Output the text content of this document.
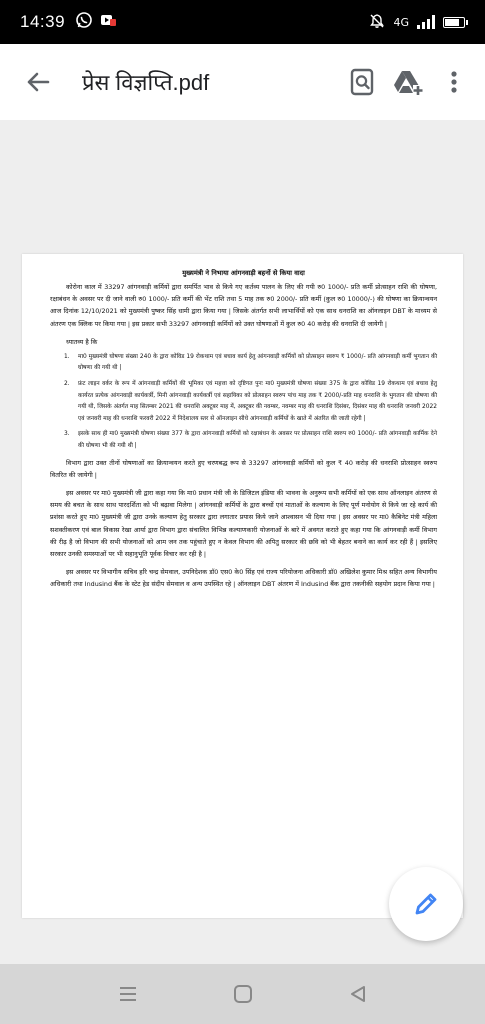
14:39	4G
प्रेस विज्ञप्ति.pdf
मुख्यमंत्री ने निभाया आंगनवाड़ी बहनों से किया वादा

कोरोना काल में 33297 आंगनवाड़ी कर्मियों द्वारा समर्पित भाव से किये गए कर्तव्य पालन के लिए की गयी रु0 1000/- प्रति कर्मी प्रोत्साहन राशि की घोषणा, रक्षाबंधन के अवसर पर दी जाने वाली रु0 1000/- प्रति कर्मी की भेंट राशि तथा 5 माह तक रु0 2000/- प्रति कर्मी (कुल रु0 10000/-) की घोषणा का क्रियान्वयन आज दिनांक 12/10/2021 को मुख्यमंत्री पुष्कर सिंह धामी द्वारा किया गया | जिसके अंतर्गत सभी लाभार्थियों को एक साथ धनराशि का ऑनलाइन DBT के माध्यम से अंतरण एक क्लिक पर किया गया | इस प्रकार सभी 33297 आंगनवाड़ी कर्मियों को उक्त घोषणाओं में कुल रु0 40 करोड़ की धनराशि दी जायेगी |

ध्यातव्य है कि
1. मा0 मुख्यमंत्री घोषणा संख्या 240 के द्वारा कोविड 19 रोकथाम एवं बचाव कार्य हेतु आंगनवाड़ी कर्मियों को प्रोत्साहन स्वरुप ₹ 1000/- प्रति आंगनवाड़ी कर्मी भुगतान की घोषणा की गयी थी |
2. फ्रंट लाइन वर्कर के रूप में आंगनवाड़ी कर्मियों की भूमिका एवं महत्ता को दृष्टिगत पुनः मा0 मुख्यमंत्री घोषणा संख्या 375 के द्वारा कोविड 19 रोकथाम एवं बचाव हेतु कार्यरत प्रत्येक आंगनवाड़ी कार्यकर्त्री, मिनी आंगनवाड़ी कार्यकर्त्री एवं सहायिका को प्रोत्साहन स्वरुप पांच माह तक ₹ 2000/-प्रति माह धनराशि के भुगतान की घोषणा की गयी थी, जिसके अंतर्गत माह सितम्बर 2021 की धनराशि अक्टूबर माह में, अक्टूबर की नवम्बर, नवम्बर माह की धनराशि दिसंबर, दिसंबर माह की धनराशि जनवरी 2022 एवं जनवरी माह की धनराशि फरवरी 2022 में निदेशालय स्तर से ऑनलाइन सीधे आंगनवाड़ी कर्मियों के खाते में अंतरित की जाती रहेगी |
3. इसके साथ ही मा0 मुख्यमंत्री घोषणा संख्या 377 के द्वारा आंगनवाड़ी कर्मियों को रक्षाबंधन के अवसर पर प्रोत्साहन राशि स्वरुप रु0 1000/- प्रति आंगनवाड़ी कार्मिक देने की घोषणा भी की गयी थी |

विभाग द्वारा उक्त तीनों घोषणाओं का क्रियान्वयन करते हुए चरणबद्ध रूप से 33297 आंगनवाड़ी कर्मियों को कुल ₹ 40 करोड़ की धनराशि प्रोत्साहन स्वरुप वितरित की जायेगी |

इस अवसर पर मा0 मुख्यमंत्री जी द्वारा कहा गया कि मा0 प्रधान मंत्री जी के डिजिटल इंडिया की भावना के अनुरूप सभी कर्मियों को एक साथ ऑनलाइन अंतरण से समय की बचत के साथ साथ पारदर्शिता को भी बढ़ावा मिलेगा | आंगनवाड़ी कर्मियों के द्वारा बच्चों एवं माताओं के कल्याण के लिए पूर्ण मनोयोग से किये जा रहे कार्य की प्रशंसा करते हुए मा0 मुख्यमंत्री जी द्वारा उनके कल्याण हेतु सरकार द्वारा लगातार प्रयास किये जाने आश्वासन भी दिया गया | इस अवसर पर मा0 कैबिनेट मंत्री महिला सशक्तीकरण एवं बाल विकास रेखा आर्या द्वारा विभाग द्वारा संचालित विभिन्न कल्याणकारी योजनाओं के बारे में अवगत कराते हुए कहा गया कि आंगनवाड़ी कर्मी विभाग की रीढ़ है जो विभाग की सभी योजनाओं को आम जन तक पहुंचाते हुए न केवल विभाग की अपितु सरकार की छवि को भी बेहतर बनाने का कार्य कर रही हैं | इसलिए सरकार उनकी समस्याओं पर भी सहानुभूति पूर्वक विचार कर रही है |

इस अवसर पर विभागीय सचिव हरि चन्द्र सेमवाल, उपनिदेशक डॉ0 एस0 के0 सिंह एवं राज्य परियोजना अधिकारी डॉ0 अखिलेश कुमार मिश्र सहित अन्य विभागीय अधिकारी तथा Indusind बैंक के स्टेट हेड संदीप सेमवाल व अन्य उपस्थित रहे | ऑनलाइन DBT अंतरण में Indusind बैंक द्वारा तकनीकी सहयोग प्रदान किया गया |
